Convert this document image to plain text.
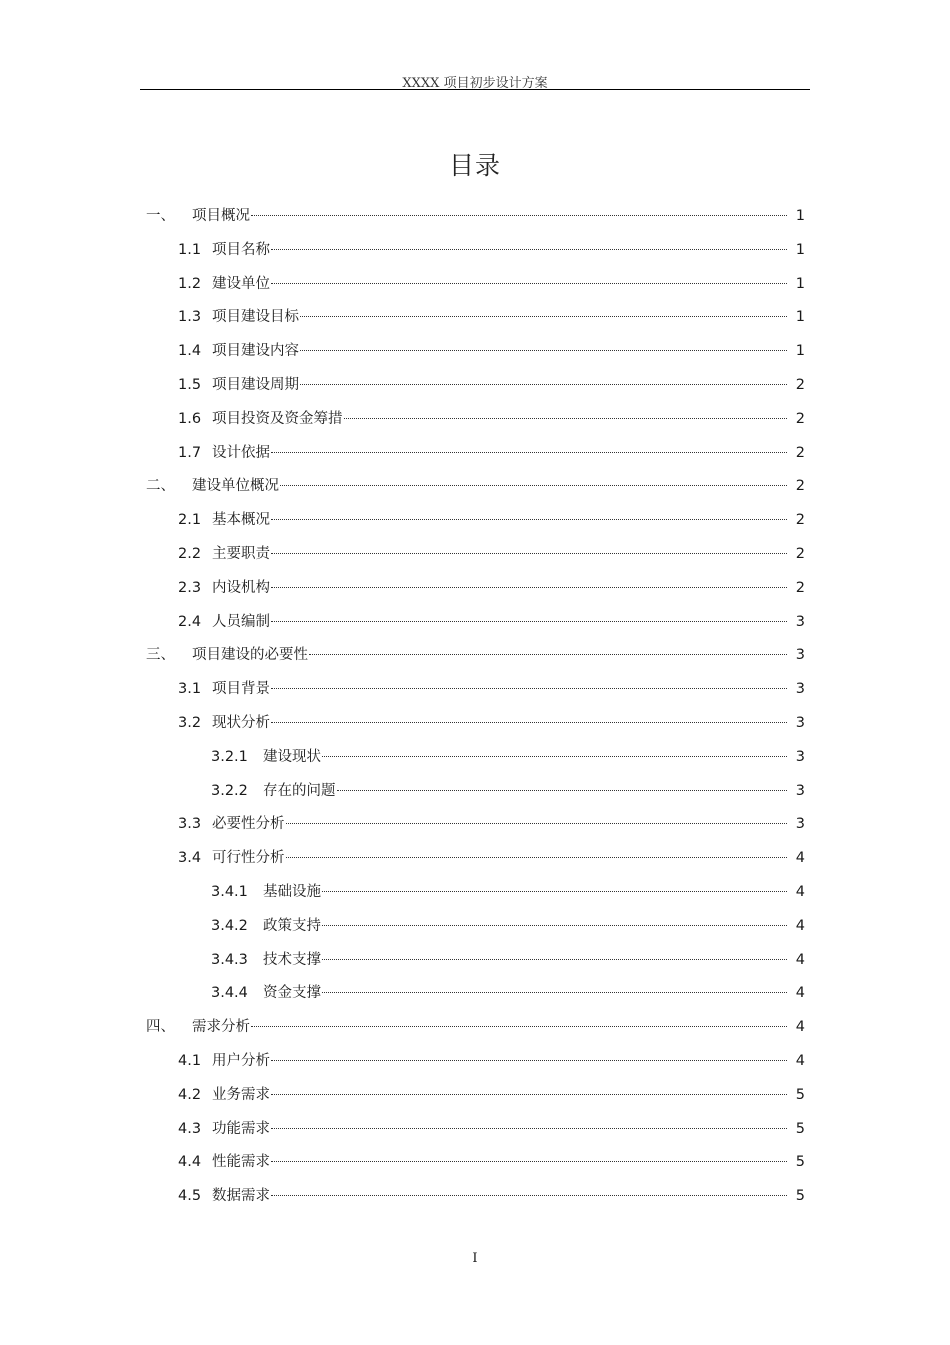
XXXX 项目初步设计方案
目录
一、	项目概况	1
1.1 项目名称	1
1.2 建设单位	1
1.3 项目建设目标	1
1.4 项目建设内容	1
1.5 项目建设周期	2
1.6 项目投资及资金筹措	2
1.7 设计依据	2
二、	建设单位概况	2
2.1 基本概况	2
2.2 主要职责	2
2.3 内设机构	2
2.4 人员编制	3
三、	项目建设的必要性	3
3.1 项目背景	3
3.2 现状分析	3
3.2.1	建设现状	3
3.2.2	存在的问题	3
3.3 必要性分析	3
3.4 可行性分析	4
3.4.1	基础设施	4
3.4.2	政策支持	4
3.4.3	技术支撑	4
3.4.4	资金支撑	4
四、	需求分析	4
4.1 用户分析	4
4.2 业务需求	5
4.3 功能需求	5
4.4 性能需求	5
4.5 数据需求	5
I
